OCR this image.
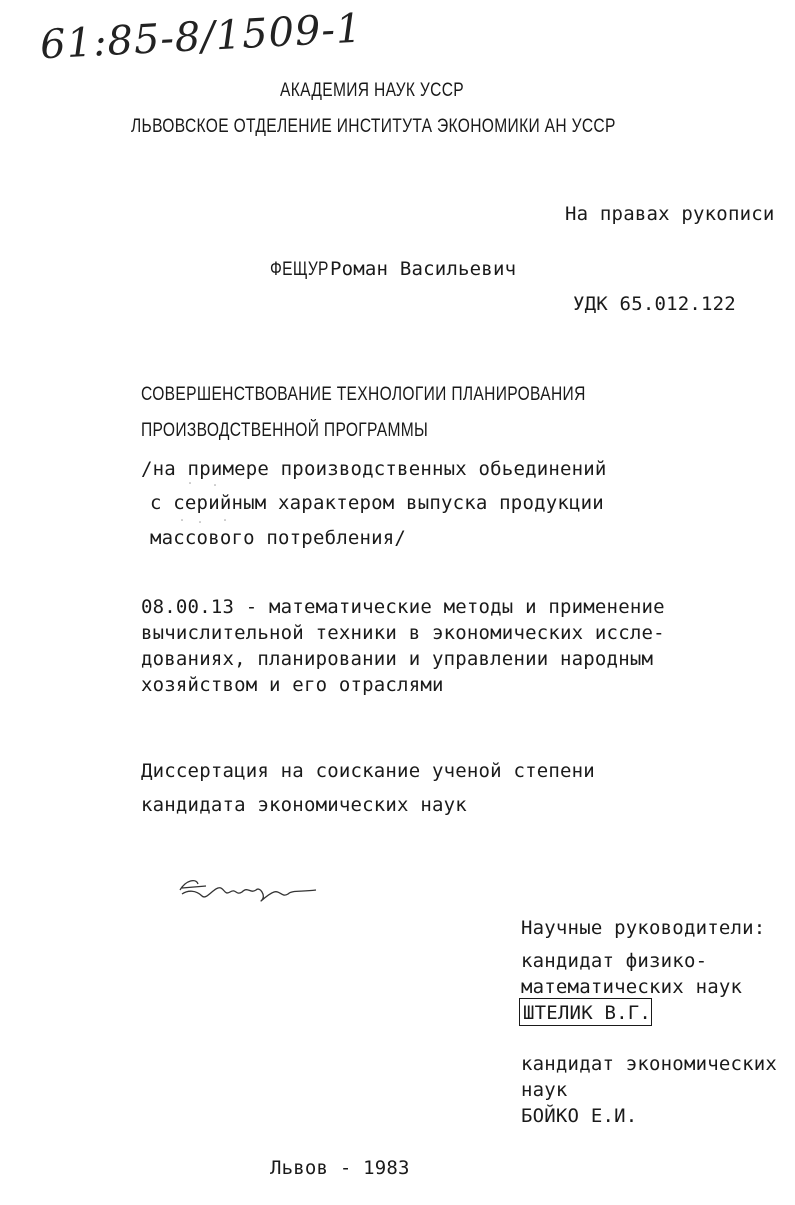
61:85-8/1509-1
АКАДЕМИЯ НАУК УССР
ЛЬВОВСКОЕ ОТДЕЛЕНИЕ ИНСТИТУТА ЭКОНОМИКИ АН УССР
На правах рукописи
ФЕЩУРРоман Васильевич
УДК 65.012.122
СОВЕРШЕНСТВОВАНИЕ ТЕХНОЛОГИИ ПЛАНИРОВАНИЯ
ПРОИЗВОДСТВЕННОЙ ПРОГРАММЫ
/на примере производственных обьединений
с серийным характером выпуска продукции
массового потребления/
08.00.13 - математические методы и применение
вычислительной техники в экономических иссле-
дованиях, планировании и управлении народным
хозяйством и его отраслями
Диссертация на соискание ученой степени
кандидата экономических наук
Научные руководители:
кандидат физико-
математических наук
ШТЕЛИК В.Г.
кандидат экономических
наук
БОЙКО Е.И.
Львов - 1983
